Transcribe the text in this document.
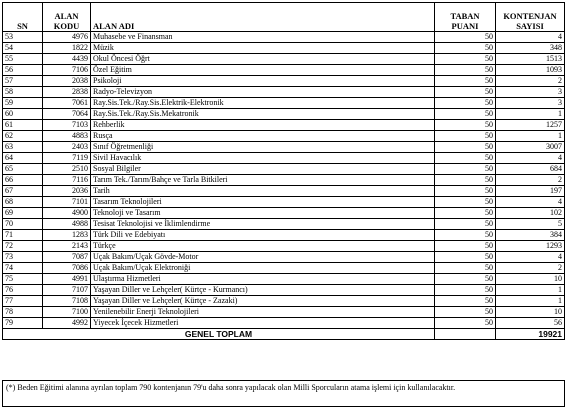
SN	ALAN KODU	ALAN ADI	TABAN PUANI	KONTENJAN SAYISI
53	4976	Muhasebe ve Finansman	50	4
54	1822	Müzik	50	348
55	4439	Okul Öncesi Öğrt	50	1513
56	7106	Özel Eğitim	50	1093
57	2038	Psikoloji	50	2
58	2838	Radyo-Televizyon	50	3
59	7061	Ray.Sis.Tek./Ray.Sis.Elektrik-Elektronik	50	3
60	7064	Ray.Sis.Tek./Ray.Sis.Mekatronik	50	1
61	7103	Rehberlik	50	1257
62	4883	Rusça	50	1
63	2403	Sınıf Öğretmenliği	50	3007
64	7119	Sivil Havacılık	50	4
65	2510	Sosyal Bilgiler	50	684
66	7116	Tarım Tek./Tarım/Bahçe ve Tarla Bitkileri	50	2
67	2036	Tarih	50	197
68	7101	Tasarım Teknolojileri	50	4
69	4900	Teknoloji ve Tasarım	50	102
70	4988	Tesisat Teknolojisi ve İklimlendirme	50	5
71	1283	Türk Dili ve Edebiyatı	50	384
72	2143	Türkçe	50	1293
73	7087	Uçak Bakım/Uçak Gövde-Motor	50	4
74	7086	Uçak Bakım/Uçak Elektroniği	50	2
75	4991	Ulaştırma Hizmetleri	50	10
76	7107	Yaşayan Diller ve Lehçeler( Kürtçe - Kurmancı)	50	1
77	7108	Yaşayan Diller ve Lehçeler( Kürtçe - Zazaki)	50	1
78	7100	Yenilenebilir Enerji Teknolojileri	50	10
79	4992	Yiyecek İçecek Hizmetleri	50	56
GENEL TOPLAM				19921
(*) Beden Eğitimi alanına ayrılan toplam 790 kontenjanın 79'u daha sonra yapılacak olan Milli Sporcuların atama işlemi için kullanılacaktır.
